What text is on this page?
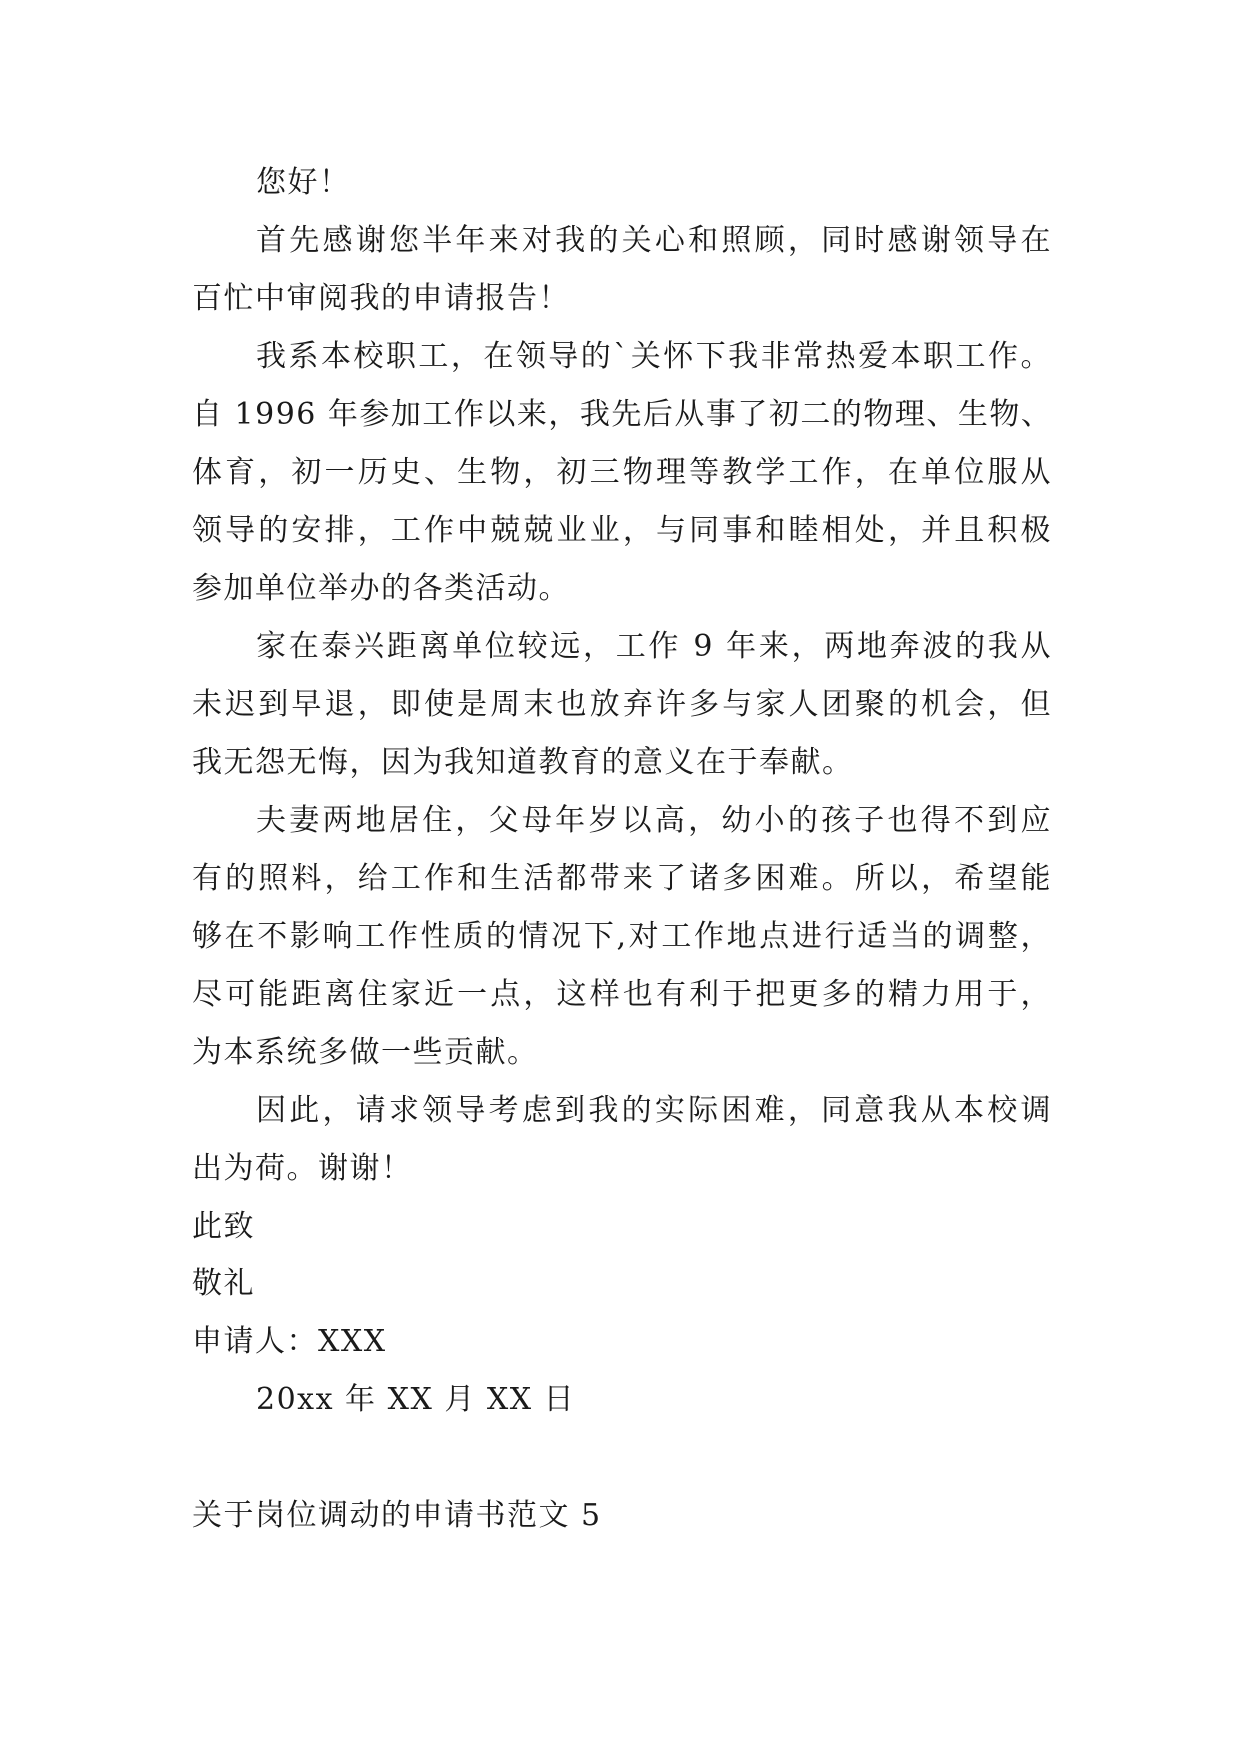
您好！
首先感谢您半年来对我的关心和照顾，同时感谢领导在
百忙中审阅我的申请报告！
我系本校职工，在领导的`关怀下我非常热爱本职工作。
自 1996 年参加工作以来，我先后从事了初二的物理、生物、
体育，初一历史、生物，初三物理等教学工作，在单位服从
领导的安排，工作中兢兢业业，与同事和睦相处，并且积极
参加单位举办的各类活动。
家在泰兴距离单位较远，工作 9 年来，两地奔波的我从
未迟到早退，即使是周末也放弃许多与家人团聚的机会，但
我无怨无悔，因为我知道教育的意义在于奉献。
夫妻两地居住，父母年岁以高，幼小的孩子也得不到应
有的照料，给工作和生活都带来了诸多困难。所以，希望能
够在不影响工作性质的情况下,对工作地点进行适当的调整，
尽可能距离住家近一点，这样也有利于把更多的精力用于，
为本系统多做一些贡献。
因此，请求领导考虑到我的实际困难，同意我从本校调
出为荷。谢谢！
此致
敬礼
申请人：XXX
20xx 年 XX 月 XX 日
关于岗位调动的申请书范文 5
